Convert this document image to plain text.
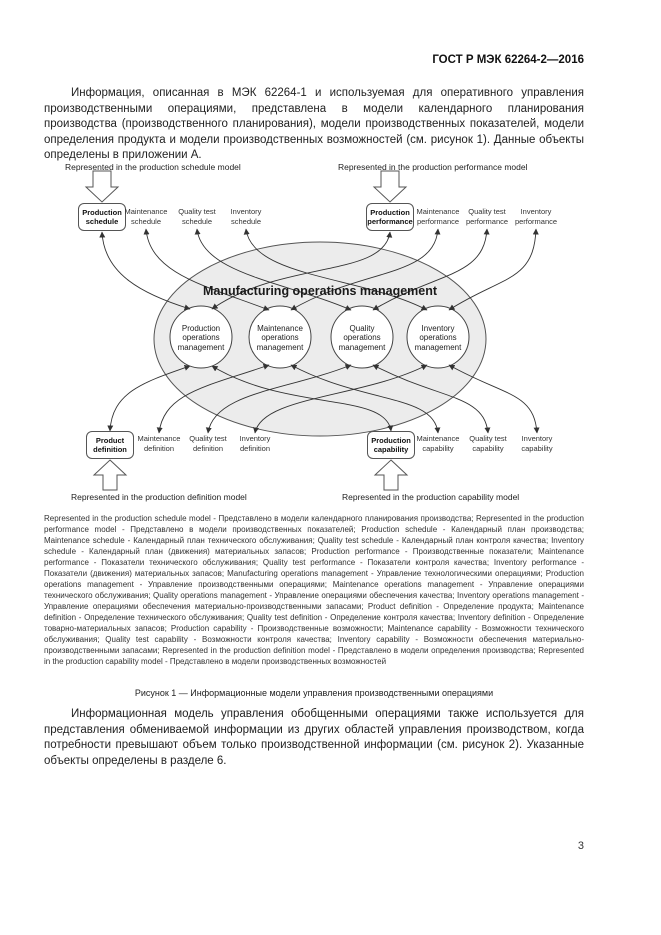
ГОСТ Р МЭК 62264-2—2016
Информация, описанная в МЭК 62264-1 и используемая для оперативного управления производственными операциями, представлена в модели календарного планирования производства (производственного планирования), модели производственных показателей, модели определения продукта и модели производственных возможностей (см. рисунок 1). Данные объекты определены в приложении А.
Represented in the production schedule model	Represented in the production performance model
Represented in the production definition model	Represented in the production capability model
Manufacturing operations management
Production schedule
Maintenance schedule
Quality test schedule
Inventory schedule
Production performance
Maintenance performance
Quality test performance
Inventory performance
Production operations management
Maintenance operations management
Quality operations management
Inventory operations management
Product definition
Maintenance definition
Quality test definition
Inventory definition
Production capability
Maintenance capability
Quality test capability
Inventory capability
Represented in the production schedule model - Представлено в модели календарного планирования производства; Represented in the production performance model - Представлено в модели производственных показателей; Production schedule - Календарный план производства; Maintenance schedule - Календарный план технического обслуживания; Quality test schedule - Календарный план контроля качества; Inventory schedule - Календарный план (движения) материальных запасов; Production performance - Производственные показатели; Maintenance performance - Показатели технического обслуживания; Quality test performance - Показатели контроля качества; Inventory performance - Показатели (движения) материальных запасов; Manufacturing operations management - Управление технологическими операциями; Production operations management - Управление производственными операциями; Maintenance operations management - Управление операциями технического обслуживания; Quality operations management - Управление операциями обеспечения качества; Inventory operations management - Управление операциями обеспечения материально-производственными запасами; Product definition - Определение продукта; Maintenance definition - Определение технического обслуживания; Quality test definition - Определение контроля качества; Inventory definition - Определение товарно-материальных запасов; Production capability - Производственные возможности; Maintenance capability - Возможности технического обслуживания; Quality test capability - Возможности контроля качества; Inventory capability - Возможности обеспечения материально-производственными запасами; Represented in the production definition model - Представлено в модели определения производства; Represented in the production capability model - Представлено в модели производственных возможностей
Рисунок 1 — Информационные модели управления производственными операциями
Информационная модель управления обобщенными операциями также используется для представления обмениваемой информации из других областей управления производством, когда потребности превышают объем только производственной информации (см. рисунок 2). Указанные объекты определены в разделе 6.
3
